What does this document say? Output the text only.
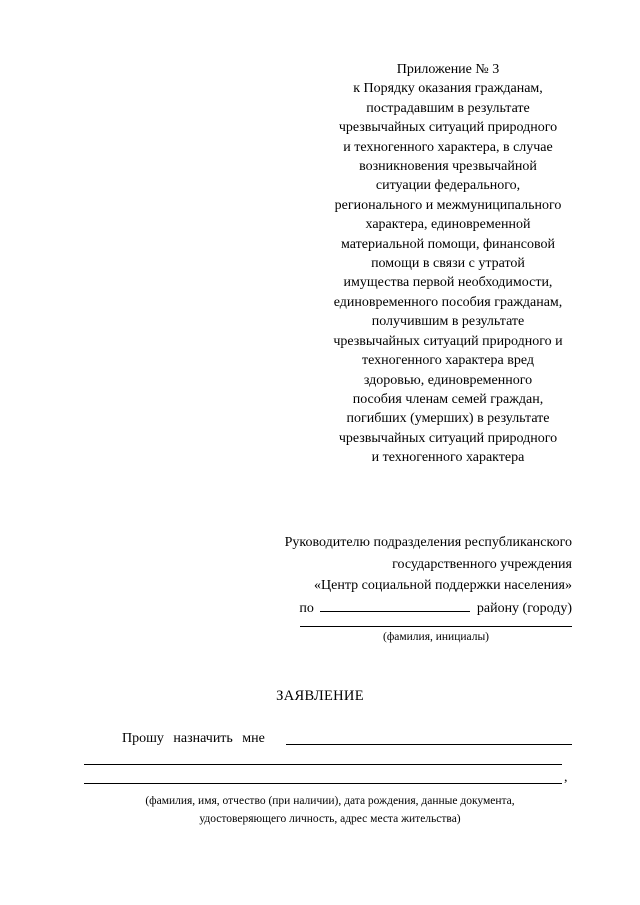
Приложение № 3
к Порядку оказания гражданам,
пострадавшим в результате
чрезвычайных ситуаций природного
и техногенного характера, в случае
возникновения чрезвычайной
ситуации федерального,
регионального и межмуниципального
характера, единовременной
материальной помощи, финансовой
помощи в связи с утратой
имущества первой необходимости,
единовременного пособия гражданам,
получившим в результате
чрезвычайных ситуаций природного и
техногенного характера вред
здоровью, единовременного
пособия членам семей граждан,
погибших (умерших) в результате
чрезвычайных ситуаций природного
и техногенного характера
Руководителю подразделения республиканского
государственного учреждения
«Центр социальной поддержки населения»
по	району (городу)
(фамилия, инициалы)
ЗАЯВЛЕНИЕ
Прошу назначить мне
,
(фамилия, имя, отчество (при наличии), дата рождения, данные документа,
удостоверяющего личность, адрес места жительства)
